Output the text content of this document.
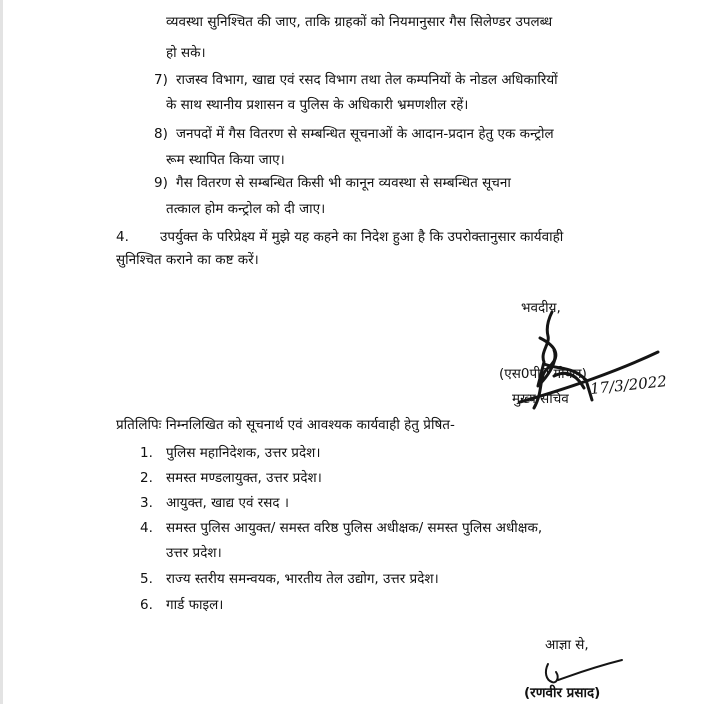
व्यवस्था सुनिश्चित की जाए, ताकि ग्राहकों को नियमानुसार गैस सिलेण्डर उपलब्ध
हो सके।
7) राजस्व विभाग, खाद्य एवं रसद विभाग तथा तेल कम्पनियों के नोडल अधिकारियों
के साथ स्थानीय प्रशासन व पुलिस के अधिकारी भ्रमणशील रहें।
8) जनपदों में गैस वितरण से सम्बन्धित सूचनाओं के आदान-प्रदान हेतु एक कन्ट्रोल
रूम स्थापित किया जाए।
9) गैस वितरण से सम्बन्धित किसी भी कानून व्यवस्था से सम्बन्धित सूचना
तत्काल होम कन्ट्रोल को दी जाए।
4. उपर्युक्त के परिप्रेक्ष्य में मुझे यह कहने का निदेश हुआ है कि उपरोक्तानुसार कार्यवाही
सुनिश्चित कराने का कष्ट करें।
भवदीय,
(एस0पी0 गोयल)
मुख्य सचिव
17/3/2022
प्रतिलिपिः निम्नलिखित को सूचनार्थ एवं आवश्यक कार्यवाही हेतु प्रेषित-
1. पुलिस महानिदेशक, उत्तर प्रदेश।
2. समस्त मण्डलायुक्त, उत्तर प्रदेश।
3. आयुक्त, खाद्य एवं रसद ।
4. समस्त पुलिस आयुक्त/ समस्त वरिष्ठ पुलिस अधीक्षक/ समस्त पुलिस अधीक्षक,
उत्तर प्रदेश।
5. राज्य स्तरीय समन्वयक, भारतीय तेल उद्योग, उत्तर प्रदेश।
6. गार्ड फाइल।
आज्ञा से,
(रणवीर प्रसाद)
